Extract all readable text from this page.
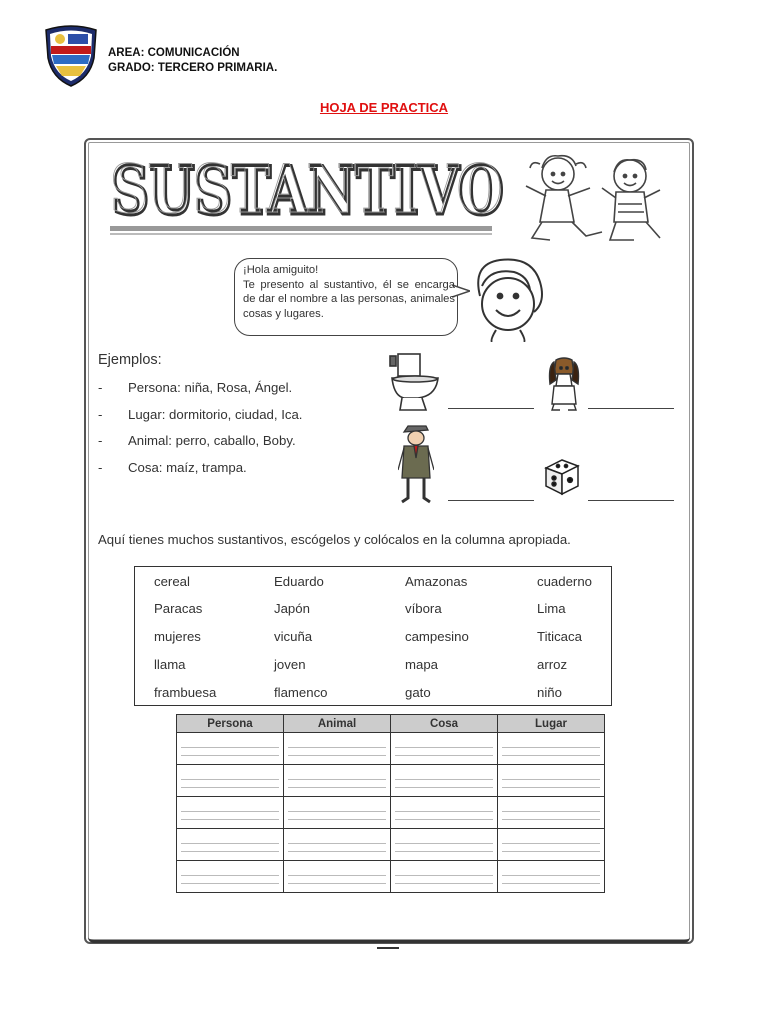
AREA: COMUNICACIÓN
GRADO: TERCERO PRIMARIA.
HOJA DE PRACTICA
SUSTANTIVO
SUSTANTIVO
¡Hola amiguito!
Te presento al sustantivo, él se encarga de dar el nombre a las personas, animales cosas y lugares.
Ejemplos:
- Persona: niña, Rosa, Ángel.
- Lugar: dormitorio, ciudad, Ica.
- Animal: perro, caballo, Boby.
- Cosa: maíz, trampa.
Aquí tienes muchos sustantivos, escógelos y colócalos en la columna apropiada.
cereal	Eduardo	Amazonas	cuaderno
Paracas	Japón	víbora	Lima
mujeres	vicuña	campesino	Titicaca
llama	joven	mapa	arroz
frambuesa	flamenco	gato	niño
Persona	Animal	Cosa	Lugar
